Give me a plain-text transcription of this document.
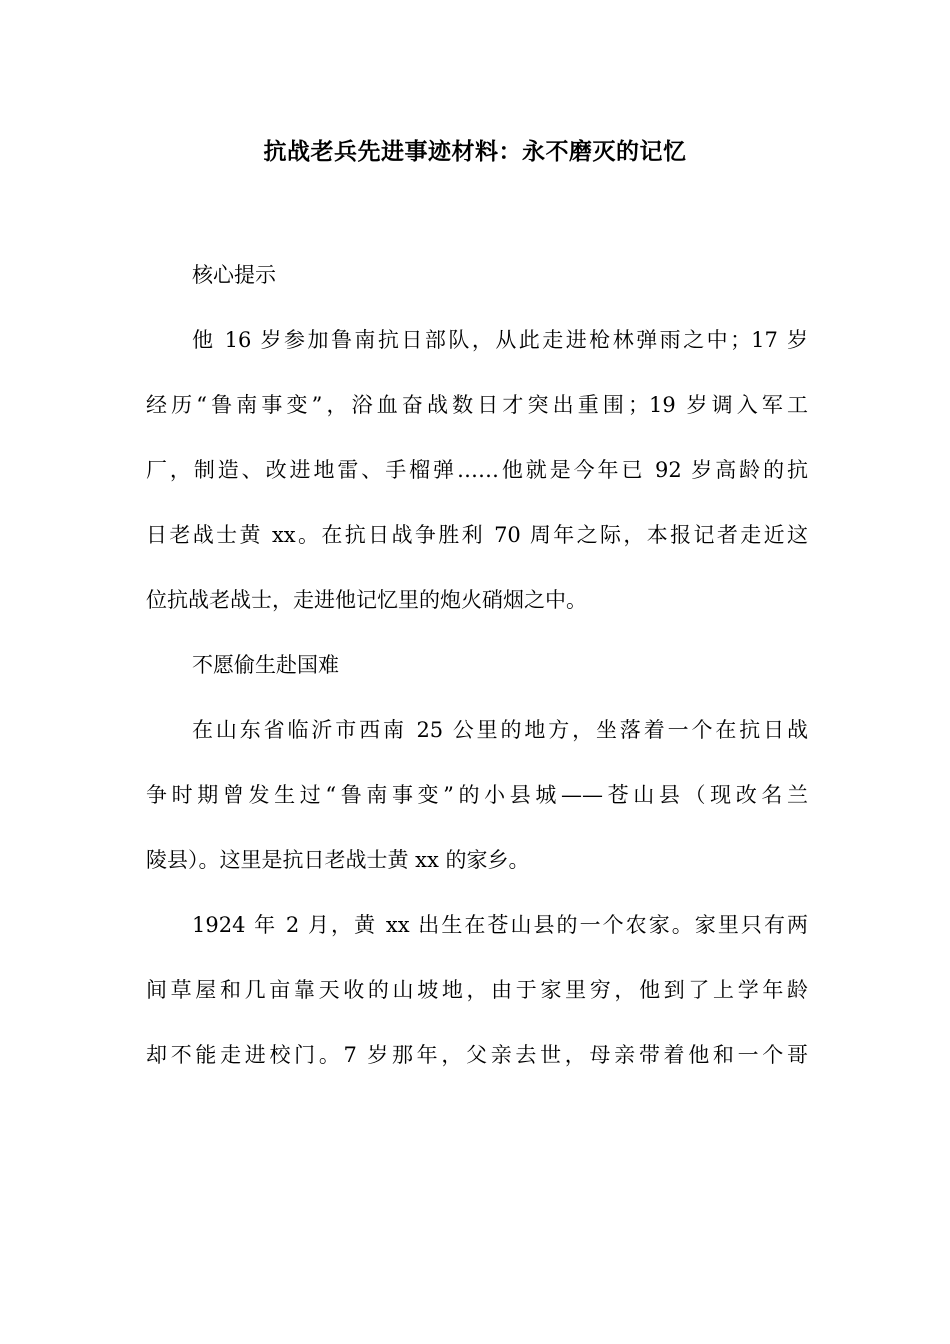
抗战老兵先进事迹材料：永不磨灭的记忆
核心提示
他 16 岁参加鲁南抗日部队，从此走进枪林弹雨之中；17 岁
经历“鲁南事变”，浴血奋战数日才突出重围；19 岁调入军工
厂，制造、改进地雷、手榴弹……他就是今年已 92 岁高龄的抗
日老战士黄 xx。在抗日战争胜利 70 周年之际，本报记者走近这
位抗战老战士，走进他记忆里的炮火硝烟之中。
不愿偷生赴国难
在山东省临沂市西南 25 公里的地方，坐落着一个在抗日战
争时期曾发生过“鲁南事变”的小县城——苍山县（现改名兰
陵县）。这里是抗日老战士黄 xx 的家乡。
1924 年 2 月，黄 xx 出生在苍山县的一个农家。家里只有两
间草屋和几亩靠天收的山坡地，由于家里穷，他到了上学年龄
却不能走进校门。7 岁那年，父亲去世，母亲带着他和一个哥
